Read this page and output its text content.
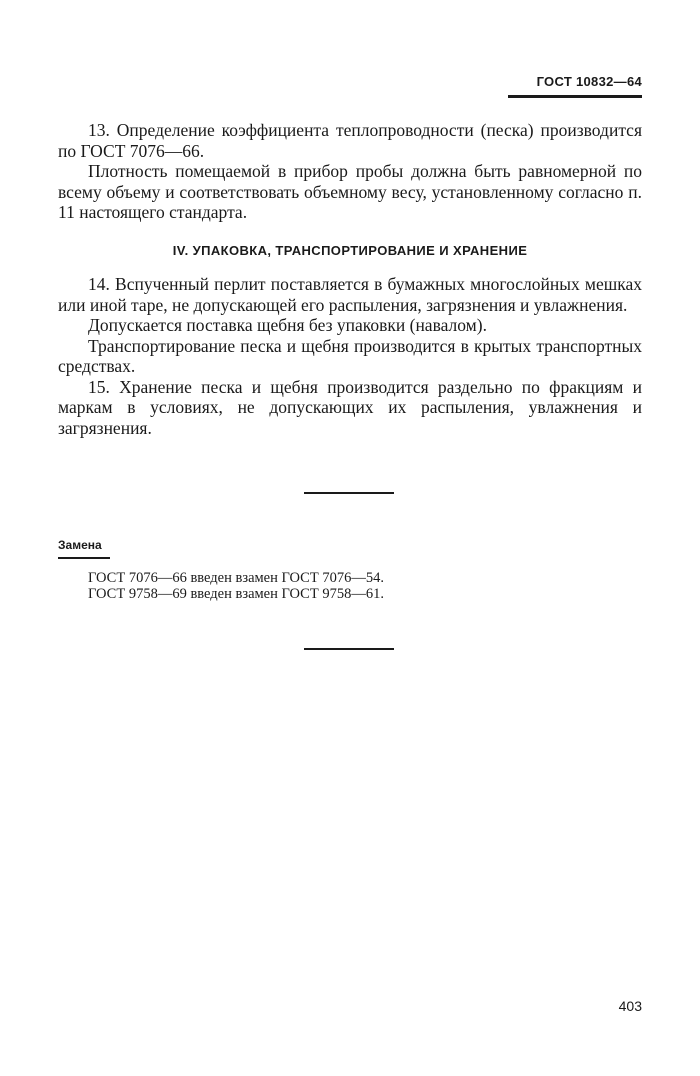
ГОСТ 10832—64

13. Определение коэффициента теплопроводности (песка) производится по ГОСТ 7076—66.

Плотность помещаемой в прибор пробы должна быть равномерной по всему объему и соответствовать объемному весу, установленному согласно п. 11 настоящего стандарта.

IV. УПАКОВКА, ТРАНСПОРТИРОВАНИЕ И ХРАНЕНИЕ

14. Вспученный перлит поставляется в бумажных многослойных мешках или иной таре, не допускающей его распыления, загрязнения и увлажнения.

Допускается поставка щебня без упаковки (навалом).

Транспортирование песка и щебня производится в крытых транспортных средствах.

15. Хранение песка и щебня производится раздельно по фракциям и маркам в условиях, не допускающих их распыления, увлажнения и загрязнения.

Замена
ГОСТ 7076—66 введен взамен ГОСТ 7076—54.
ГОСТ 9758—69 введен взамен ГОСТ 9758—61.
403
